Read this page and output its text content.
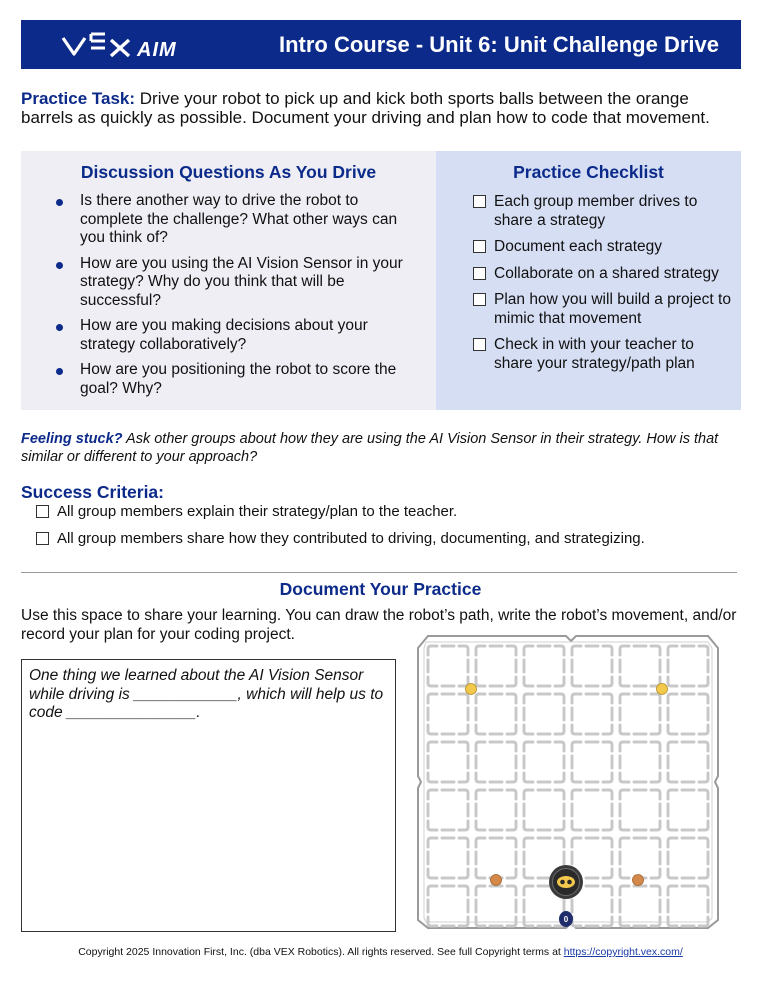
AIM	Intro Course - Unit 6: Unit Challenge Drive
Practice Task: Drive your robot to pick up and kick both sports balls between the orange barrels as quickly as possible. Document your driving and plan how to code that movement.
Discussion Questions As You Drive
Is there another way to drive the robot to complete the challenge? What other ways can you think of?
How are you using the AI Vision Sensor in your strategy? Why do you think that will be successful?
How are you making decisions about your strategy collaboratively?
How are you positioning the robot to score the goal? Why?
Practice Checklist
Each group member drives to share a strategy
Document each strategy
Collaborate on a shared strategy
Plan how you will build a project to mimic that movement
Check in with your teacher to share your strategy/path plan
Feeling stuck? Ask other groups about how they are using the AI Vision Sensor in their strategy. How is that similar or different to your approach?
Success Criteria:
All group members explain their strategy/plan to the teacher.
All group members share how they contributed to driving, documenting, and strategizing.
Document Your Practice
Use this space to share your learning. You can draw the robot’s path, write the robot’s movement, and/or record your plan for your coding project.
One thing we learned about the AI Vision Sensor while driving is ____________, which will help us to code _______________.
0
Copyright 2025 Innovation First, Inc. (dba VEX Robotics). All rights reserved. See full Copyright terms at https://copyright.vex.com/
